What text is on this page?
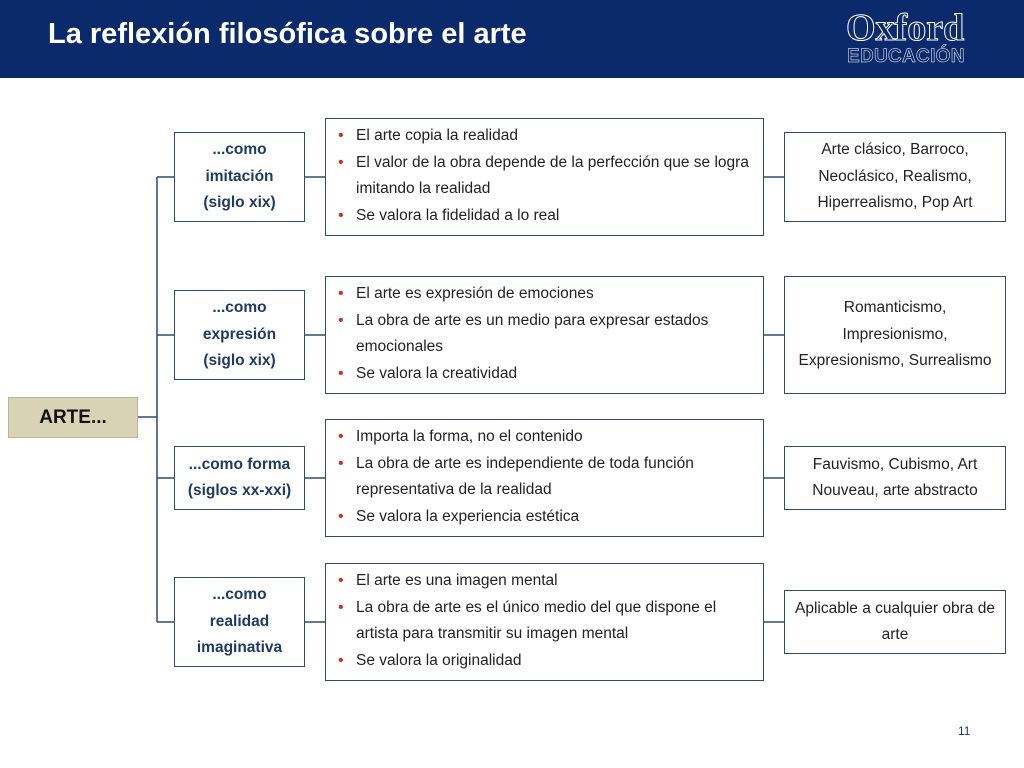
La reflexión filosófica sobre el arte	Oxford
EDUCACIÓN
ARTE...
...como
imitación
(siglo xix)
• El arte copia la realidad
• El valor de la obra depende de la perfección que se logra imitando la realidad
• Se valora la fidelidad a lo real
Arte clásico, Barroco, Neoclásico, Realismo, Hiperrealismo, Pop Art
...como
expresión
(siglo xix)
• El arte es expresión de emociones
• La obra de arte es un medio para expresar estados emocionales
• Se valora la creatividad
Romanticismo, Impresionismo, Expresionismo, Surrealismo
...como forma
(siglos xx-xxi)
• Importa la forma, no el contenido
• La obra de arte es independiente de toda función representativa de la realidad
• Se valora la experiencia estética
Fauvismo, Cubismo, Art Nouveau, arte abstracto
...como
realidad
imaginativa
• El arte es una imagen mental
• La obra de arte es el único medio del que dispone el artista para transmitir su imagen mental
• Se valora la originalidad
Aplicable a cualquier obra de arte
11
